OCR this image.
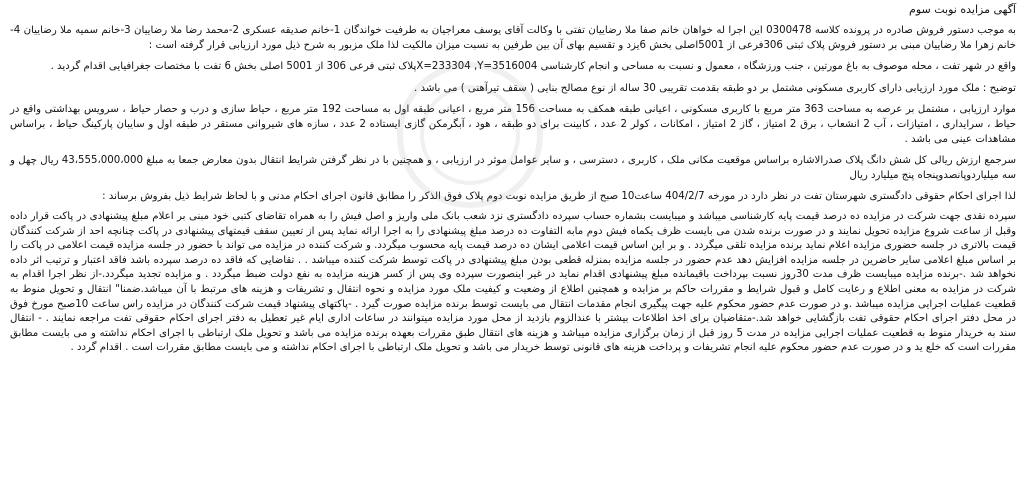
آگهی مزایده نوبت سوم

به موجب دستور فروش صادره در پرونده کلاسه 0300478 این اجرا له خواهان خانم صفا ملا رضاییان تفتی با وکالت آقای یوسف معراجیان به طرفیت خواندگان 1-خانم صدیقه عسکری 2-محمد رضا ملا رضاییان 3-خانم سمیه ملا رضاییان 4-خانم زهرا ملا رضاییان مبنی بر دستور فروش پلاک ثبتی 306فرعی از 5001اصلی بخش 6یزد و تقسیم بهای آن بین طرفین به نسبت میزان مالکیت لذا ملک مزبور به شرح ذیل مورد ارزیابی قرار گرفته است :

واقع در شهر تفت ، محله موصوف به باغ مورتین ، جنب ورزشگاه ، معمول و نسبت به مساحی و انجام کارشناسی X=233304 ,Y=3516004پلاک ثبتی فرعی 306 از 5001 اصلی بخش 6 تفت با مختصات جغرافیایی اقدام گردید .

توضیح : ملک مورد ارزیابی دارای کاربری مسکونی مشتمل بر دو طبقه بقدمت تقریبی 30 ساله از نوع مصالح بنایی ( سقف تیرآهنی ) می باشد .

موارد ارزیابی ، مشتمل بر عرصه به مساحت 363 متر مربع با کاربری مسکونی ، اعیانی طبقه همکف به مساحت 156 متر مربع ، اعیانی طبقه اول به مساحت 192 متر مربع ، حیاط سازی و درب و حصار حیاط ، سرویس بهداشتی واقع در حیاط ، سرایداری ، امتیازات ، آب 2 انشعاب ، برق 2 امتیاز ، گاز 2 امتیاز ، امکانات ، کولر 2 عدد ، کابینت برای دو طبقه ، هود ، آبگرمکن گازی ایستاده 2 عدد ، سازه های شیروانی مستقر در طبقه اول و سایبان پارکینگ حیاط ، براساس مشاهدات عینی می باشد .

سرجمع ارزش ریالی کل شش دانگ پلاک صدرالاشاره براساس موقعیت مکانی ملک ، کاربری ، دسترسی ، و سایر عوامل موثر در ارزیابی ، و همچنین با در نظر گرفتن شرایط انتقال بدون معارض جمعا به مبلغ 43،555،000،000 ریال چهل و سه میلیاردوپانصدوپنجاه پنج میلیارد ریال

لذا اجرای احکام حقوقی دادگستری شهرستان تفت در نظر دارد در مورخه 404/2/7 ساعت10 صبح از طریق مزایده نوبت دوم پلاک فوق الذکر را مطابق قانون اجرای احکام مدنی و با لحاظ شرایط ذیل بفروش برساند :

سپرده نقدی جهت شرکت در مزایده ده درصد قیمت پایه کارشناسی میباشد و میبایست بشماره حساب سپرده دادگستری نزد شعب بانک ملی واریز و اصل فیش را به همراه تقاضای کتبی خود مبنی بر اعلام مبلغ پیشنهادی در پاکت قرار داده وقبل از ساعت شروع مزایده تحویل نمایند و در صورت برنده شدن می بایست ظرف یکماه فیش دوم مابه التفاوت ده درصد مبلغ پیشنهادی را به اجرا ارائه نماید پس از تعیین سقف قیمتهای پیشنهادی در پاکت چنانچه احد از شرکت کنندگان قیمت بالاتری در جلسه حضوری مزایده اعلام نماید برنده مزایده تلقی میگردد . و بر این اساس قیمت اعلامی ایشان ده درصد قیمت پایه محسوب میگردد. و شرکت کننده در مزایده می تواند با حضور در جلسه مزایده قیمت اعلامی در پاکت را بر اساس مبلغ اعلامی سایر حاضرین در جلسه مزایده افزایش دهد عدم حضور در جلسه مزایده بمنزله قطعی بودن مبلغ پیشنهادی در پاکت توسط شرکت کننده میباشد . . تقاضایی که فاقد ده درصد سپرده باشد فاقد اعتبار و ترتیب اثر داده نخواهد شد .-برنده مزایده میبایست ظرف مدت 30روز نسبت بپرداخت باقیمانده مبلغ پیشنهادی اقدام نماید در غیر اینصورت سپرده وی پس از کسر هزینه مزایده به نفع دولت ضبط میگردد . و مزایده تجدید میگردد.-از نظر اجرا اقدام به شرکت در مزایده به معنی اطلاع و رعایت کامل و قبول شرایط و مقررات حاکم بر مزایده و همچنین اطلاع از وضعیت و کیفیت ملک مورد مزایده و نحوه انتقال و تشریفات و هزینه های مرتبط با آن میباشد.ضمنا" انتقال و تحویل منوط به قطعیت عملیات اجرایی مزایده میباشد .و در صورت عدم حضور محکوم علیه جهت پیگیری انجام مقدمات انتقال می بایست توسط برنده مزایده صورت گیرد . -پاکتهای پیشنهاد قیمت شرکت کنندگان در مزایده راس ساعت 10صبح مورخ فوق در محل دفتر اجرای احکام حقوقی تفت بازگشایی خواهد شد.-متقاضیان برای اخذ اطلاعات بیشتر با عندالزوم بازدید از محل مورد مزایده میتوانند در ساعات اداری ایام غیر تعطیل به دفتر اجرای احکام حقوقی تفت مراجعه نمایند . - انتقال سند به خریدار منوط به قطعیت عملیات اجرایی مزایده در مدت 5 روز قبل از زمان برگزاری مزایده میباشد و هزینه های انتقال طبق مقررات بعهده برنده مزایده می باشد و تحویل ملک ارتباطی با اجرای احکام نداشته و می بایست مطابق مقررات است که خلع ید و در صورت عدم حضور محکوم علیه انجام تشریفات و پرداخت هزینه های قانونی توسط خریدار می باشد و تحویل ملک ارتباطی با اجرای احکام نداشته و می بایست مطابق مقررات است . اقدام گردد .
